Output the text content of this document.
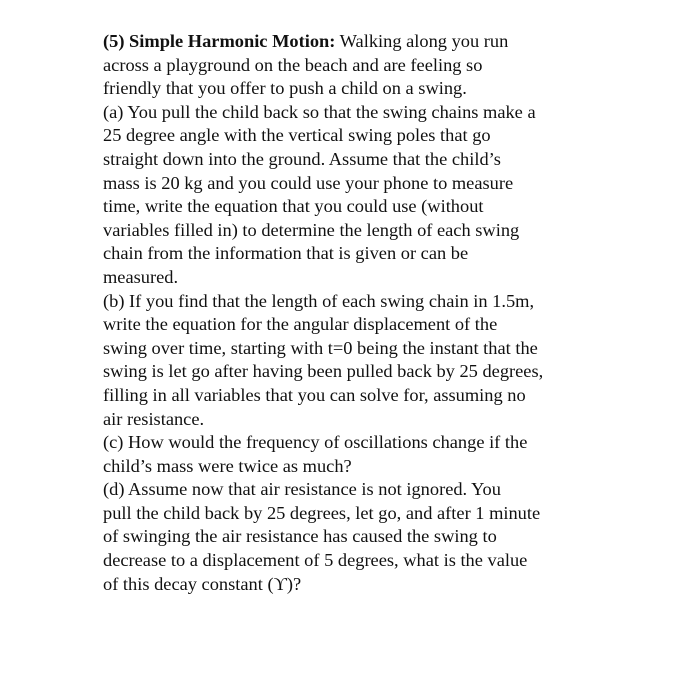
(5) Simple Harmonic Motion: Walking along you run
across a playground on the beach and are feeling so
friendly that you offer to push a child on a swing.
(a) You pull the child back so that the swing chains make a
25 degree angle with the vertical swing poles that go
straight down into the ground. Assume that the child’s
mass is 20 kg and you could use your phone to measure
time, write the equation that you could use (without
variables filled in) to determine the length of each swing
chain from the information that is given or can be
measured.
(b) If you find that the length of each swing chain in 1.5m,
write the equation for the angular displacement of the
swing over time, starting with t=0 being the instant that the
swing is let go after having been pulled back by 25 degrees,
filling in all variables that you can solve for, assuming no
air resistance.
(c) How would the frequency of oscillations change if the
child’s mass were twice as much?
(d) Assume now that air resistance is not ignored. You
pull the child back by 25 degrees, let go, and after 1 minute
of swinging the air resistance has caused the swing to
decrease to a displacement of 5 degrees, what is the value
of this decay constant (ϒ)?
